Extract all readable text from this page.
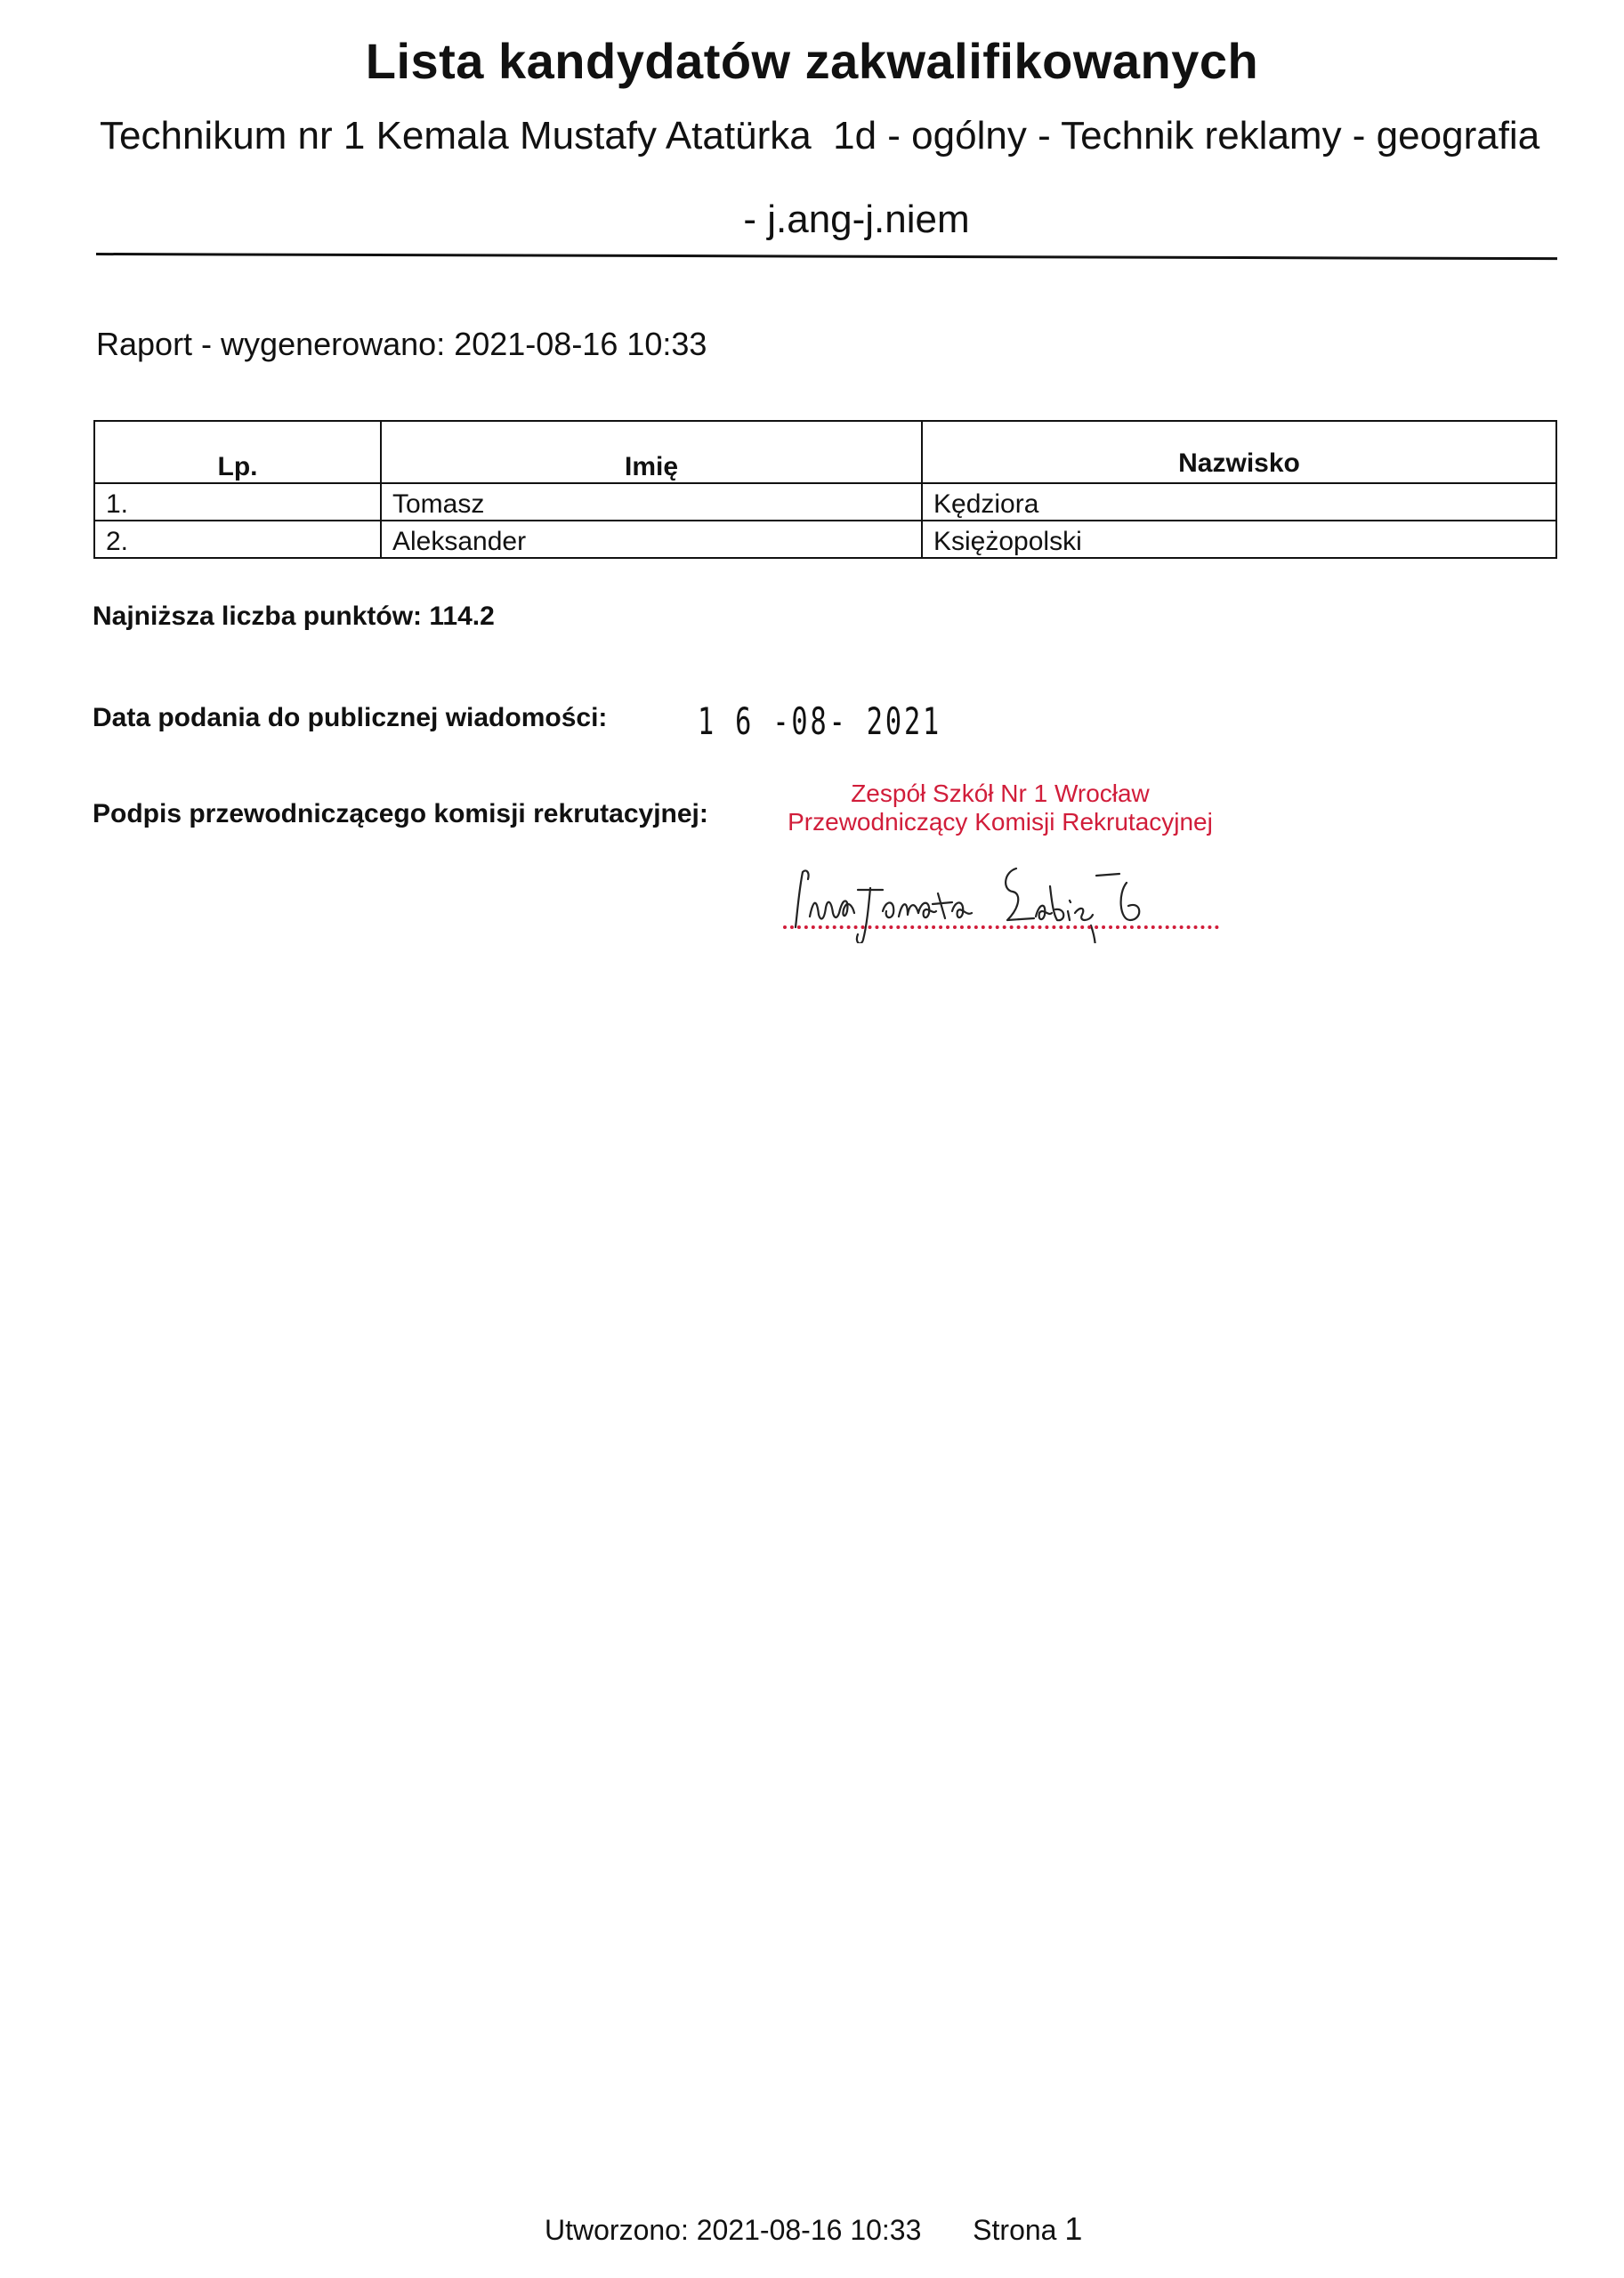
Lista kandydatów zakwalifikowanych
Technikum nr 1 Kemala Mustafy Atatürka  1d - ogólny - Technik reklamy - geografia
- j.ang-j.niem
Raport - wygenerowano: 2021-08-16 10:33
Lp.	Imię	Nazwisko
1.	Tomasz	Kędziora
2.	Aleksander	Księżopolski
Najniższa liczba punktów: 114.2
Data podania do publicznej wiadomości: 1 6 -08- 2021
Podpis przewodniczącego komisji rekrutacyjnej:
Zespół Szkół Nr 1 Wrocław
Przewodniczący Komisji Rekrutacyjnej
Utworzono: 2021-08-16 10:33 Strona 1
